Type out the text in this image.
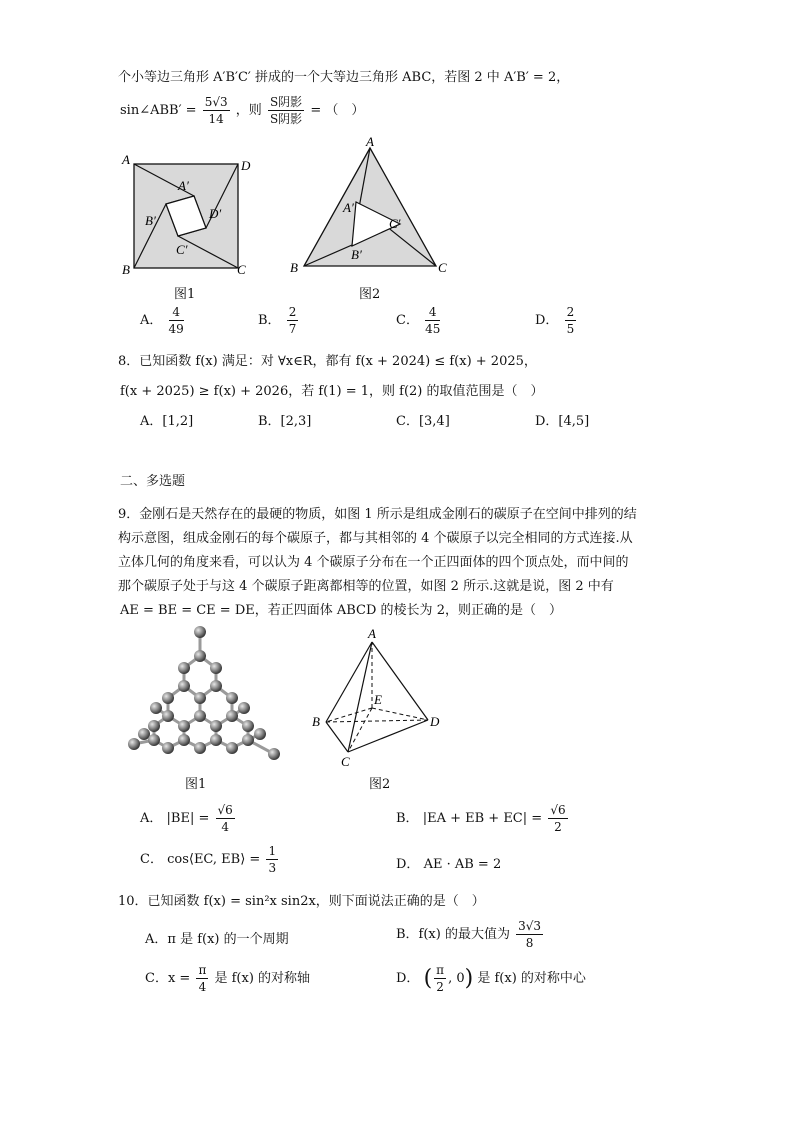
个小等边三角形 A′B′C′ 拼成的一个大等边三角形 ABC，若图 2 中 A′B′ = 2，
sin∠ABB′ = $\frac{5√3}{14}$ ，则 $\frac{\text{S阴影}}{\text{S阴影}}$ = （　）
A	D
B	C
A′
B′
C′
D′
图1
A
B	C
A′
B′
C′
图2
A． $\frac{4}{49}$	B． $\frac{2}{7}$	C． $\frac{4}{45}$	D． $\frac{2}{5}$
8．已知函数 f(x) 满足：对 ∀x∈R，都有 f(x + 2024) ≤ f(x) + 2025，
f(x + 2025) ≥ f(x) + 2026，若 f(1) = 1，则 f(2) 的取值范围是（　）
A．[1,2]	B．[2,3]	C．[3,4]	D．[4,5]
二、多选题
9．金刚石是天然存在的最硬的物质，如图 1 所示是组成金刚石的碳原子在空间中排列的结
构示意图，组成金刚石的每个碳原子，都与其相邻的 4 个碳原子以完全相同的方式连接.从
立体几何的角度来看，可以认为 4 个碳原子分布在一个正四面体的四个顶点处，而中间的
那个碳原子处于与这 4 个碳原子距离都相等的位置，如图 2 所示.这就是说，图 2 中有
AE = BE = CE = DE，若正四面体 ABCD 的棱长为 2，则正确的是（　）
图1
A
B
C
D
E
图2
A． $|BE| = \frac{√6}{4}$	B． |EA + EB + $EC| = \frac{√6}{2}$
C． cos⟨EC, EB⟩ = $\frac{1}{3}$	D． AE · AB = 2
10．已知函数 f(x) = sin²x sin2x，则下面说法正确的是（　）
A．π 是 f(x) 的一个周期	B．f(x) 的最大值为 $\frac{3√3}{8}$
C．$x = \frac{\pi}{4}$ 是 f(x) 的对称轴	D． ( $\frac{\pi}{2}$ , 0) 是 f(x) 的对称中心
